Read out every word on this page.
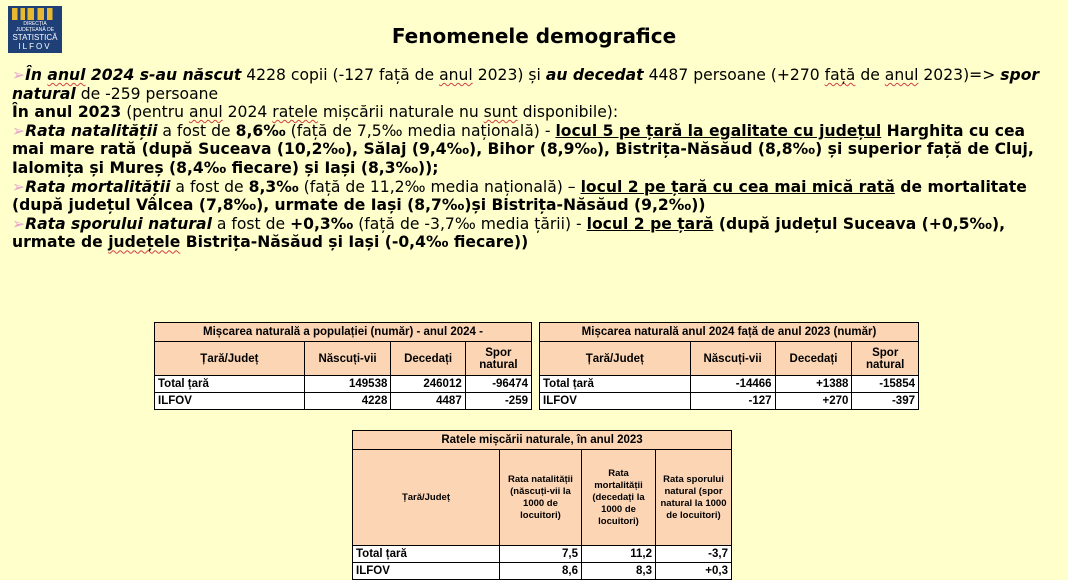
DIRECȚIA JUDEȚEANĂ DE
STATISTICĂ
ILFOV	Fenomenele demografice

➢În anul 2024 s-au născut 4228 copii (-127 față de anul 2023) și au decedat 4487 persoane (+270 față de anul 2023)=> spor natural de -259 persoane

În anul 2023 (pentru anul 2024 ratele mișcării naturale nu sunt disponibile):

➢Rata natalității a fost de 8,6‰ (față de 7,5‰ media națională) - locul 5 pe țară la egalitate cu județul Harghita cu cea mai mare rată (după Suceava (10,2‰), Sălaj (9,4‰), Bihor (8,9‰), Bistrița-Năsăud (8,8‰) și superior față de Cluj, Ialomița și Mureș (8,4‰ fiecare) și Iași (8,3‰));

➢Rata mortalității a fost de 8,3‰ (față de 11,2‰ media națională) – locul 2 pe țară cu cea mai mică rată de mortalitate (după județul Vâlcea (7,8‰), urmate de Iași (8,7‰)și Bistrița-Năsăud (9,2‰))

➢Rata sporului natural a fost de +0,3‰ (față de -3,7‰ media țării) - locul 2 pe țară (după județul Suceava (+0,5‰), urmate de județele Bistrița-Năsăud și Iași (-0,4‰ fiecare))

Mișcarea naturală a populației (număr) - anul 2024 -			
Țară/Județ	Născuți-vii	Decedați	Spor natural
Total țară	149538	246012	-96474
ILFOV	4228	4487	-259
Mișcarea naturală anul 2024 față de anul 2023 (număr)			
Țară/Județ	Născuți-vii	Decedați	Spor natural
Total țară	-14466	+1388	-15854
ILFOV	-127	+270	-397
Ratele mișcării naturale, în anul 2023			
Țară/Județ	Rata natalității (născuți-vii la 1000 de locuitori)	Rata mortalității (decedați la 1000 de locuitori)	Rata sporului natural (spor natural la 1000 de locuitori)
Total țară	7,5	11,2	-3,7
ILFOV	8,6	8,3	+0,3
